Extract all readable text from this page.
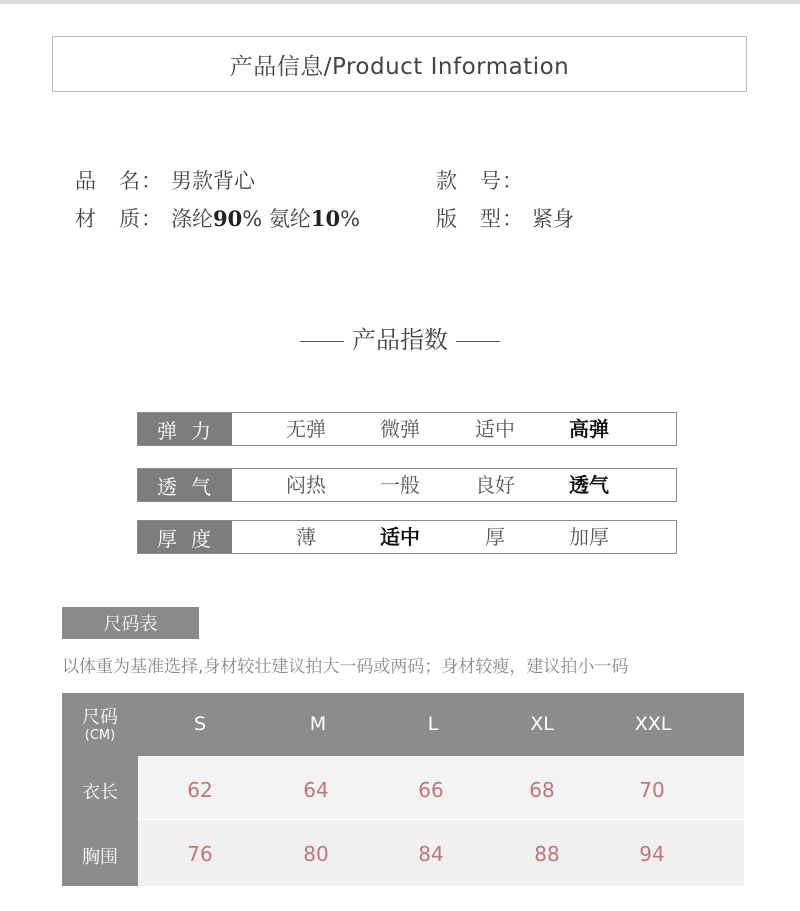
产品信息/Product Information
品　名： 男款背心	款　号：
材　质： 涤纶90% 氨纶10%	版　型： 紧身
产品指数
弹力	无弹	微弹	适中	高弹
透气	闷热	一般	良好	透气
厚度	薄	适中	厚	加厚
尺码表
以体重为基准选择,身材较壮建议拍大一码或两码；身材较瘦，建议拍小一码
尺码
(CM)
S	M	L	XL	XXL
衣长	62	64	66	68	70
胸围	76	80	84	88	94
